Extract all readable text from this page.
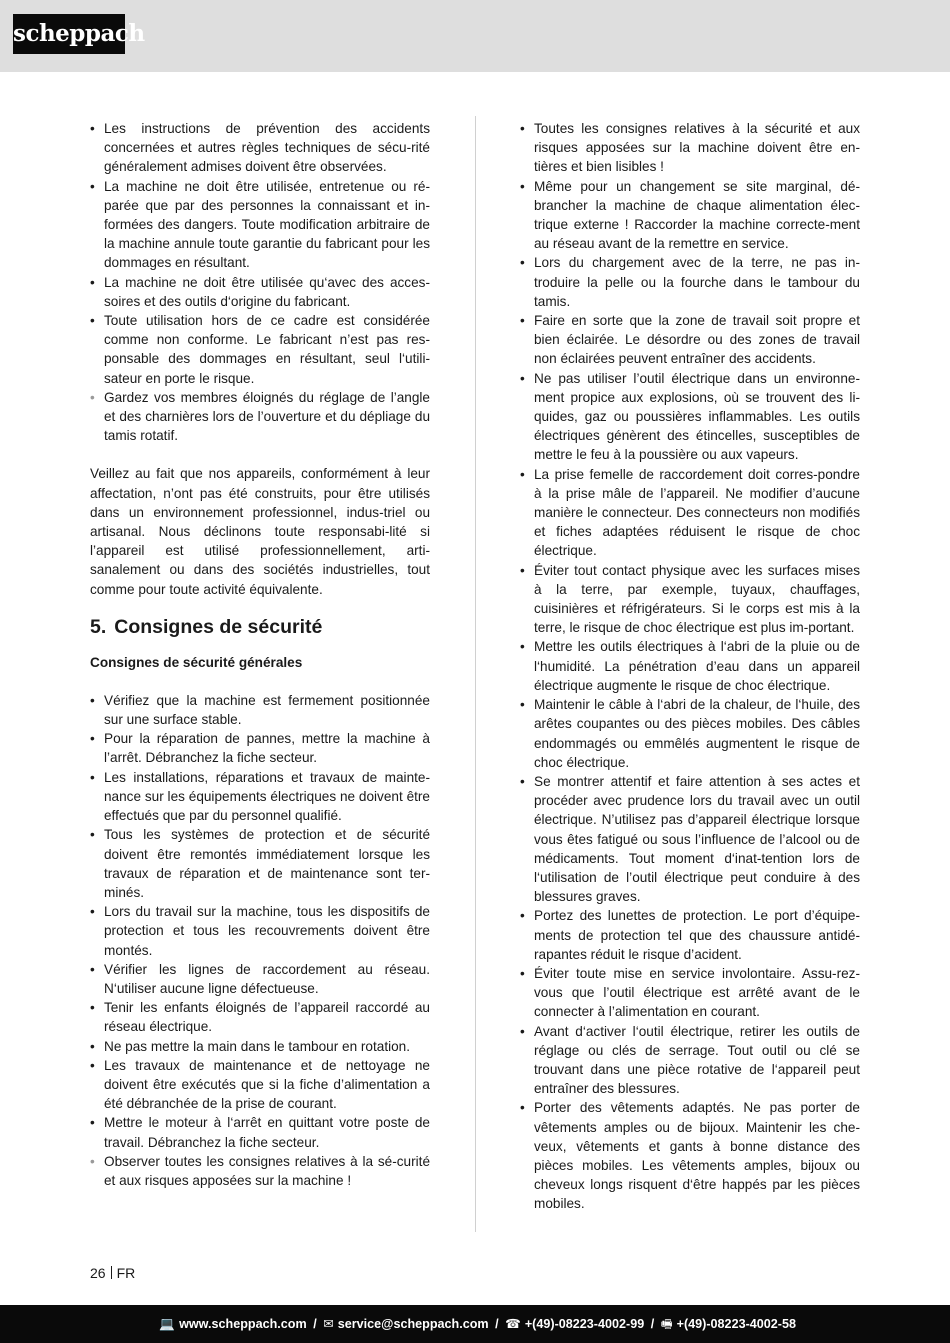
scheppach
• Les instructions de prévention des accidents concernées et autres règles techniques de sécu-rité généralement admises doivent être observées.
• La machine ne doit être utilisée, entretenue ou ré-parée que par des personnes la connaissant et in-formées des dangers. Toute modification arbitraire de la machine annule toute garantie du fabricant pour les dommages en résultant.
• La machine ne doit être utilisée qu‘avec des acces-soires et des outils d‘origine du fabricant.
• Toute utilisation hors de ce cadre est considérée comme non conforme. Le fabricant n’est pas res-ponsable des dommages en résultant, seul l‘utili-sateur en porte le risque.
• Gardez vos membres éloignés du réglage de l’angle et des charnières lors de l’ouverture et du dépliage du tamis rotatif.

Veillez au fait que nos appareils, conformément à leur affectation, n’ont pas été construits, pour être utilisés dans un environnement professionnel, indus-triel ou artisanal. Nous déclinons toute responsabi-lité si l’appareil est utilisé professionnellement, arti-sanalement ou dans des sociétés industrielles, tout comme pour toute activité équivalente.

5. Consignes de sécurité
Consignes de sécurité générales
• Vérifiez que la machine est fermement positionnée sur une surface stable.
• Pour la réparation de pannes, mettre la machine à l’arrêt. Débranchez la fiche secteur.
• Les installations, réparations et travaux de mainte-nance sur les équipements électriques ne doivent être effectués que par du personnel qualifié.
• Tous les systèmes de protection et de sécurité doivent être remontés immédiatement lorsque les travaux de réparation et de maintenance sont ter-minés.
• Lors du travail sur la machine, tous les dispositifs de protection et tous les recouvrements doivent être montés.
• Vérifier les lignes de raccordement au réseau. N‘utiliser aucune ligne défectueuse.
• Tenir les enfants éloignés de l’appareil raccordé au réseau électrique.
• Ne pas mettre la main dans le tambour en rotation.
• Les travaux de maintenance et de nettoyage ne doivent être exécutés que si la fiche d’alimentation a été débranchée de la prise de courant.
• Mettre le moteur à l‘arrêt en quittant votre poste de travail. Débranchez la fiche secteur.
• Observer toutes les consignes relatives à la sé-curité et aux risques apposées sur la machine !
• Toutes les consignes relatives à la sécurité et aux risques apposées sur la machine doivent être en-tières et bien lisibles !
• Même pour un changement se site marginal, dé-brancher la machine de chaque alimentation élec-trique externe ! Raccorder la machine correcte-ment au réseau avant de la remettre en service.
• Lors du chargement avec de la terre, ne pas in-troduire la pelle ou la fourche dans le tambour du tamis.
• Faire en sorte que la zone de travail soit propre et bien éclairée. Le désordre ou des zones de travail non éclairées peuvent entraîner des accidents.
• Ne pas utiliser l’outil électrique dans un environne-ment propice aux explosions, où se trouvent des li-quides, gaz ou poussières inflammables. Les outils électriques génèrent des étincelles, susceptibles de mettre le feu à la poussière ou aux vapeurs.
• La prise femelle de raccordement doit corres-pondre à la prise mâle de l’appareil. Ne modifier d’aucune manière le connecteur. Des connecteurs non modifiés et fiches adaptées réduisent le risque de choc électrique.
• Éviter tout contact physique avec les surfaces mises à la terre, par exemple, tuyaux, chauffages, cuisinières et réfrigérateurs. Si le corps est mis à la terre, le risque de choc électrique est plus im-portant.
• Mettre les outils électriques à l‘abri de la pluie ou de l‘humidité. La pénétration d’eau dans un appareil électrique augmente le risque de choc électrique.
• Maintenir le câble à l‘abri de la chaleur, de l‘huile, des arêtes coupantes ou des pièces mobiles. Des câbles endommagés ou emmêlés augmentent le risque de choc électrique.
• Se montrer attentif et faire attention à ses actes et procéder avec prudence lors du travail avec un outil électrique. N’utilisez pas d’appareil électrique lorsque vous êtes fatigué ou sous l’influence de l’alcool ou de médicaments. Tout moment d‘inat-tention lors de l‘utilisation de l’outil électrique peut conduire à des blessures graves.
• Portez des lunettes de protection. Le port d’équipe-ments de protection tel que des chaussure antidé-rapantes réduit le risque d’acident.
• Éviter toute mise en service involontaire. Assu-rez-vous que l’outil électrique est arrêté avant de le connecter à l’alimentation en courant.
• Avant d‘activer l‘outil électrique, retirer les outils de réglage ou clés de serrage. Tout outil ou clé se trouvant dans une pièce rotative de l‘appareil peut entraîner des blessures.
• Porter des vêtements adaptés. Ne pas porter de vêtements amples ou de bijoux. Maintenir les che-veux, vêtements et gants à bonne distance des pièces mobiles. Les vêtements amples, bijoux ou cheveux longs risquent d‘être happés par les pièces mobiles.
26 FR
💻 www.scheppach.com / ✉ service@scheppach.com / ☎ +(49)-08223-4002-99 / 🖷 +(49)-08223-4002-58
